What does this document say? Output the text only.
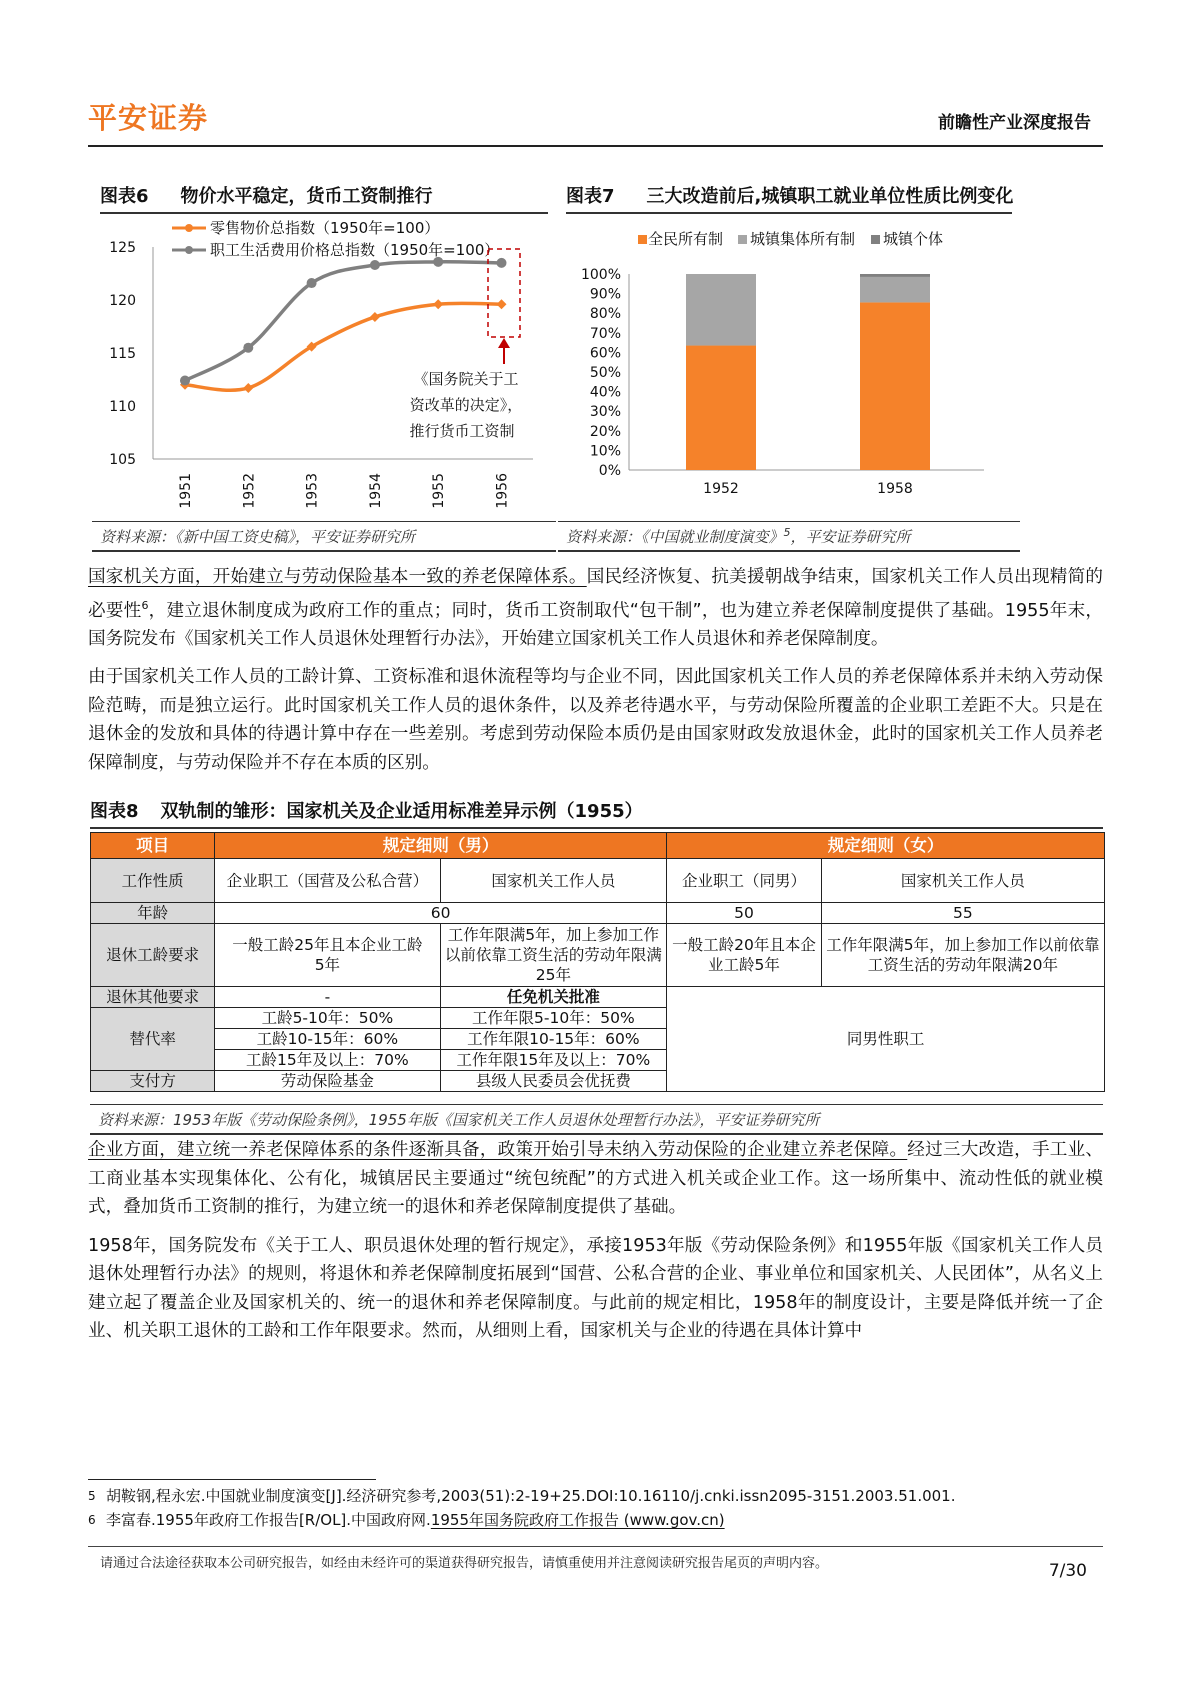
平安证券	前瞻性产业深度报告
图表6 物价水平稳定，货币工资制推行
125
120
115
110
105
1951	1952	1953	1954	1955	1956
零售物价总指数（1950年=100）
职工生活费用价格总指数（1950年=100）
《国务院关于工
资改革的决定》，
推行货币工资制
资料来源：《新中国工资史稿》，平安证券研究所
图表7 三大改造前后,城镇职工就业单位性质比例变化
全民所有制 城镇集体所有制 城镇个体
100%
90%
80%
70%
60%
50%
40%
30%
20%
10%
0%
1952	1958
资料来源：《中国就业制度演变》$^5$，平安证券研究所

国家机关方面，开始建立与劳动保险基本一致的养老保障体系。国民经济恢复、抗美援朝战争结束，国家机关工作人员出现精简的必要性$^6$，建立退休制度成为政府工作的重点；同时，货币工资制取代“包干制”，也为建立养老保障制度提供了基础。1955年末，国务院发布《国家机关工作人员退休处理暂行办法》，开始建立国家机关工作人员退休和养老保障制度。

由于国家机关工作人员的工龄计算、工资标准和退休流程等均与企业不同，因此国家机关工作人员的养老保障体系并未纳入劳动保险范畴，而是独立运行。此时国家机关工作人员的退休条件，以及养老待遇水平，与劳动保险所覆盖的企业职工差距不大。只是在退休金的发放和具体的待遇计算中存在一些差别。考虑到劳动保险本质仍是由国家财政发放退休金，此时的国家机关工作人员养老保障制度，与劳动保险并不存在本质的区别。

图表8 双轨制的雏形：国家机关及企业适用标准差异示例（1955）
项目	规定细则（男）		规定细则（女）	
工作性质	企业职工（国营及公私合营）	国家机关工作人员	企业职工（同男）	国家机关工作人员
年龄	60		50	55
退休工龄要求	一般工龄25年且本企业工龄5年	工作年限满5年，加上参加工作以前依靠工资生活的劳动年限满25年	一般工龄20年且本企业工龄5年	工作年限满5年，加上参加工作以前依靠工资生活的劳动年限满20年
退休其他要求	-	任免机关批准	同男性职工	
替代率	工龄5-10年：50%	工作年限5-10年：50%		
	工龄10-15年：60%	工作年限10-15年：60%		
	工龄15年及以上：70%	工作年限15年及以上：70%		
支付方	劳动保险基金	县级人民委员会优抚费		
资料来源：1953年版《劳动保险条例》，1955年版《国家机关工作人员退休处理暂行办法》，平安证券研究所

企业方面，建立统一养老保障体系的条件逐渐具备，政策开始引导未纳入劳动保险的企业建立养老保障。经过三大改造，手工业、工商业基本实现集体化、公有化，城镇居民主要通过“统包统配”的方式进入机关或企业工作。这一场所集中、流动性低的就业模式，叠加货币工资制的推行，为建立统一的退休和养老保障制度提供了基础。

1958年，国务院发布《关于工人、职员退休处理的暂行规定》，承接1953年版《劳动保险条例》和1955年版《国家机关工作人员退休处理暂行办法》的规则，将退休和养老保障制度拓展到“国营、公私合营的企业、事业单位和国家机关、人民团体”，从名义上建立起了覆盖企业及国家机关的、统一的退休和养老保障制度。与此前的规定相比，1958年的制度设计，主要是降低并统一了企业、机关职工退休的工龄和工作年限要求。然而，从细则上看，国家机关与企业的待遇在具体计算中

5 胡鞍钢,程永宏.中国就业制度演变[J].经济研究参考,2003(51):2-19+25.DOI:10.16110/j.cnki.issn2095-3151.2003.51.001.
6 李富春.1955年政府工作报告[R/OL].中国政府网.1955年国务院政府工作报告 (www.gov.cn)
请通过合法途径获取本公司研究报告，如经由未经许可的渠道获得研究报告，请慎重使用并注意阅读研究报告尾页的声明内容。	7/30
